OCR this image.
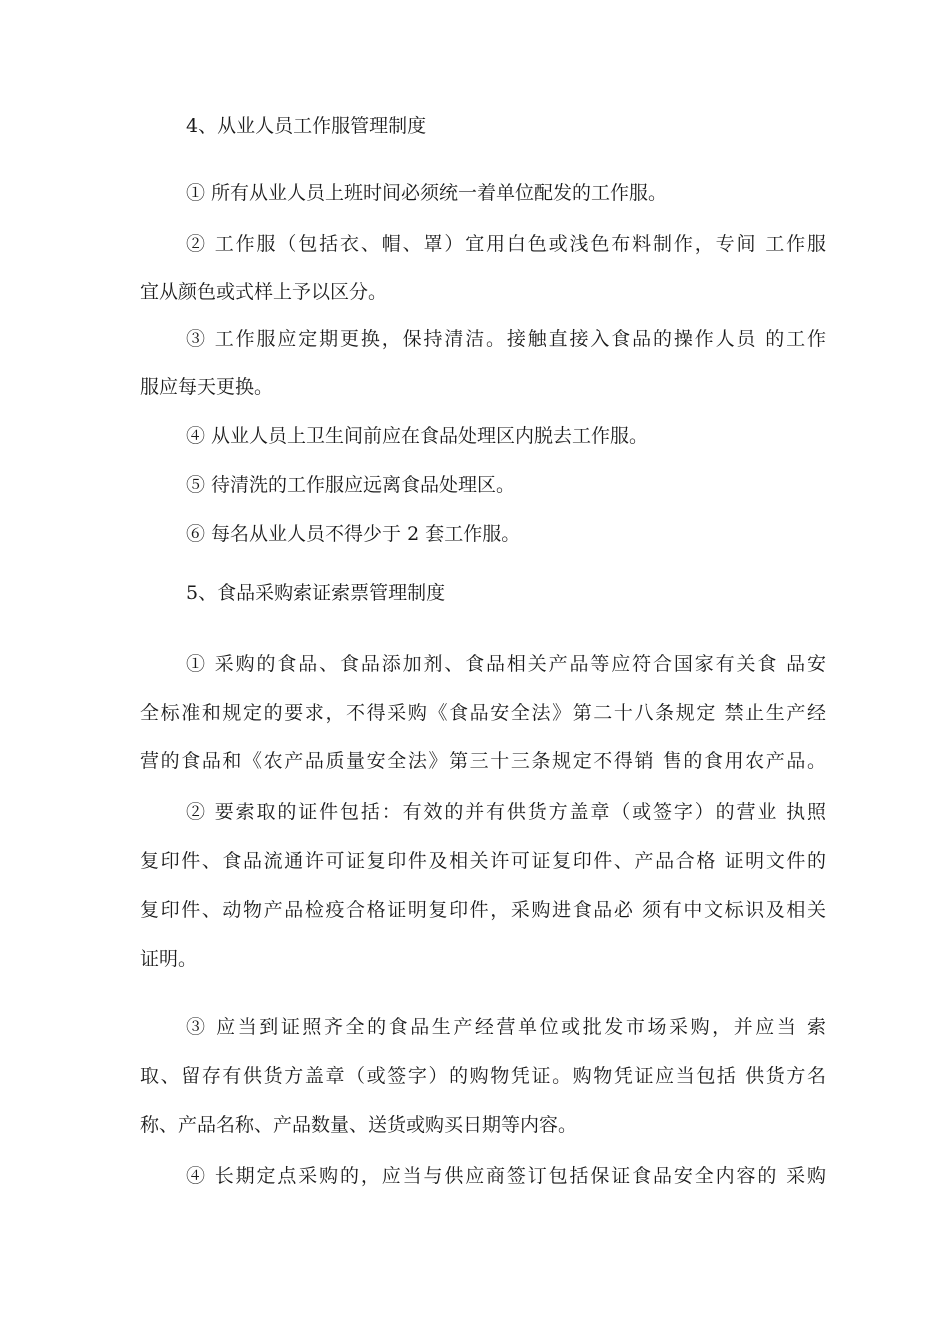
4、从业人员工作服管理制度
① 所有从业人员上班时间必须统一着单位配发的工作服。
② 工作服（包括衣、帽、罩）宜用白色或浅色布料制作，专间 工作服
宜从颜色或式样上予以区分。
③ 工作服应定期更换，保持清洁。接触直接入食品的操作人员 的工作
服应每天更换。
④ 从业人员上卫生间前应在食品处理区内脱去工作服。
⑤ 待清洗的工作服应远离食品处理区。
⑥ 每名从业人员不得少于 2 套工作服。
5、食品采购索证索票管理制度
① 采购的食品、食品添加剂、食品相关产品等应符合国家有关食 品安
全标准和规定的要求，不得采购《食品安全法》第二十八条规定 禁止生产经
营的食品和《农产品质量安全法》第三十三条规定不得销 售的食用农产品。
② 要索取的证件包括：有效的并有供货方盖章（或签字）的营业 执照
复印件、食品流通许可证复印件及相关许可证复印件、产品合格 证明文件的
复印件、动物产品检疫合格证明复印件，采购进食品必 须有中文标识及相关
证明。
③ 应当到证照齐全的食品生产经营单位或批发市场采购，并应当 索
取、留存有供货方盖章（或签字）的购物凭证。购物凭证应当包括 供货方名
称、产品名称、产品数量、送货或购买日期等内容。
④ 长期定点采购的，应当与供应商签订包括保证食品安全内容的 采购
